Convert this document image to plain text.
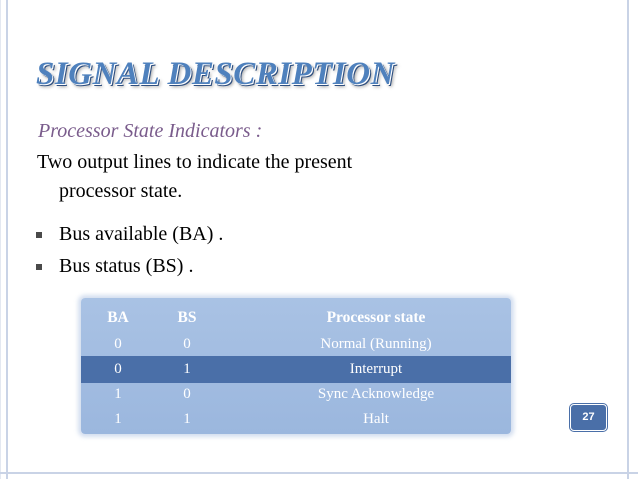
SIGNAL DESCRIPTION
Processor State Indicators :
Two output lines to indicate the present
processor state.
Bus available (BA) .
Bus status (BS) .
BA	BS	Processor state
0	0	Normal (Running)
0	1	Interrupt
1	0	Sync Acknowledge
1	1	Halt	27
